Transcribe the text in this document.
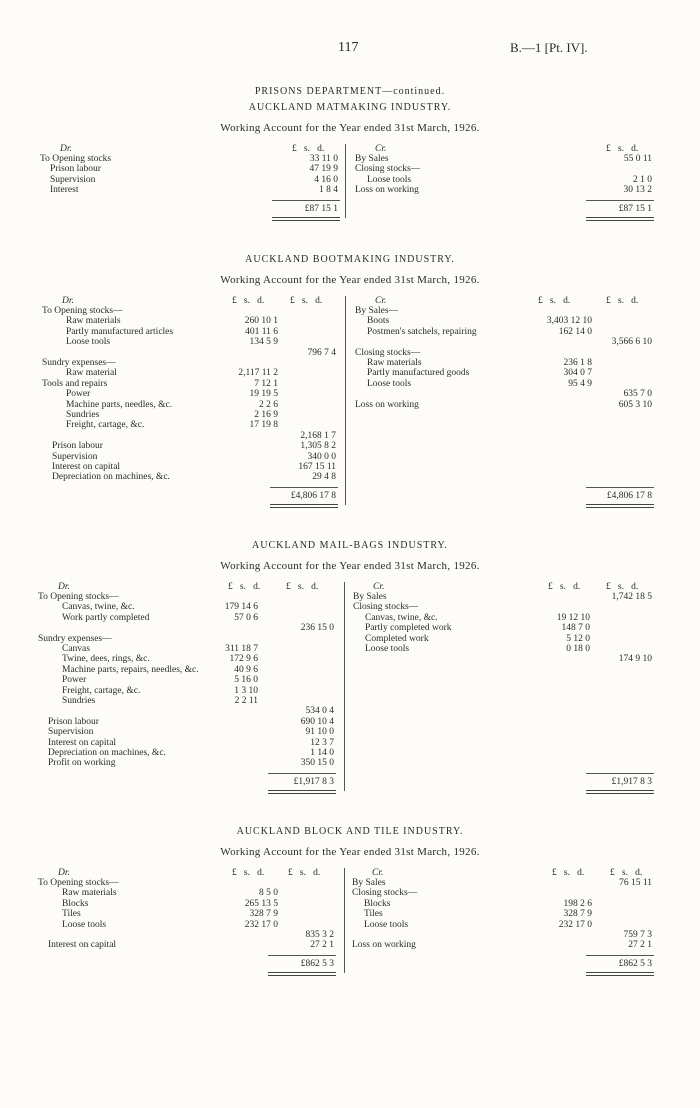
117	B.—1 [Pt. IV].
PRISONS DEPARTMENT—continued.
AUCKLAND MATMAKING INDUSTRY.
Working Account for the Year ended 31st March, 1926.
Dr.	Cr.
£   s.   d.	£   s.   d.
To Opening stocks	33 11 0
Prison labour	47 19 9
Supervision	4 16 0
Interest	1 8 4
By Sales	55 0 11
Closing stocks—
Loose tools	2 1 0
Loss on working	30 13 2
£87 15 1	£87 15 1
AUCKLAND BOOTMAKING INDUSTRY.
Working Account for the Year ended 31st March, 1926.
Dr.	Cr.
£   s.   d.	£   s.   d.	£   s.   d.	£   s.   d.
To Opening stocks—
Raw materials	260 10 1
Partly manufactured articles	401 11 6
Loose tools	134 5 9
796 7 4
Sundry expenses—
Raw material	2,117 11 2
Tools and repairs	7 12 1
Power	19 19 5
Machine parts, needles, &c.	2 2 6
Sundries	2 16 9
Freight, cartage, &c.	17 19 8
2,168 1 7
Prison labour	1,305 8 2
Supervision	340 0 0
Interest on capital	167 15 11
Depreciation on machines, &c.	29 4 8
By Sales—
Boots	3,403 12 10
Postmen's satchels, repairing	162 14 0
3,566 6 10
Closing stocks—
Raw materials	236 1 8
Partly manufactured goods	304 0 7
Loose tools	95 4 9
635 7 0
Loss on working	605 3 10
£4,806 17 8	£4,806 17 8
AUCKLAND MAIL-BAGS INDUSTRY.
Working Account for the Year ended 31st March, 1926.
Dr.	Cr.
£   s.   d.	£   s.   d.	£   s.   d.	£   s.   d.
To Opening stocks—
Canvas, twine, &c.	179 14 6
Work partly completed	57 0 6
236 15 0
Sundry expenses—
Canvas	311 18 7
Twine, dees, rings, &c.	172 9 6
Machine parts, repairs, needles, &c.	40 9 6
Power	5 16 0
Freight, cartage, &c.	1 3 10
Sundries	2 2 11
534 0 4
Prison labour	690 10 4
Supervision	91 10 0
Interest on capital	12 3 7
Depreciation on machines, &c.	1 14 0
Profit on working	350 15 0
By Sales	1,742 18 5
Closing stocks—
Canvas, twine, &c.	19 12 10
Partly completed work	148 7 0
Completed work	5 12 0
Loose tools	0 18 0
174 9 10
£1,917 8 3	£1,917 8 3
AUCKLAND BLOCK AND TILE INDUSTRY.
Working Account for the Year ended 31st March, 1926.
Dr.	Cr.
£   s.   d.	£   s.   d.	£   s.   d.	£   s.   d.
To Opening stocks—
Raw materials	8 5 0
Blocks	265 13 5
Tiles	328 7 9
Loose tools	232 17 0
835 3 2
Interest on capital	27 2 1
By Sales	76 15 11
Closing stocks—
Blocks	198 2 6
Tiles	328 7 9
Loose tools	232 17 0
759 7 3
Loss on working	27 2 1
£862 5 3	£862 5 3
